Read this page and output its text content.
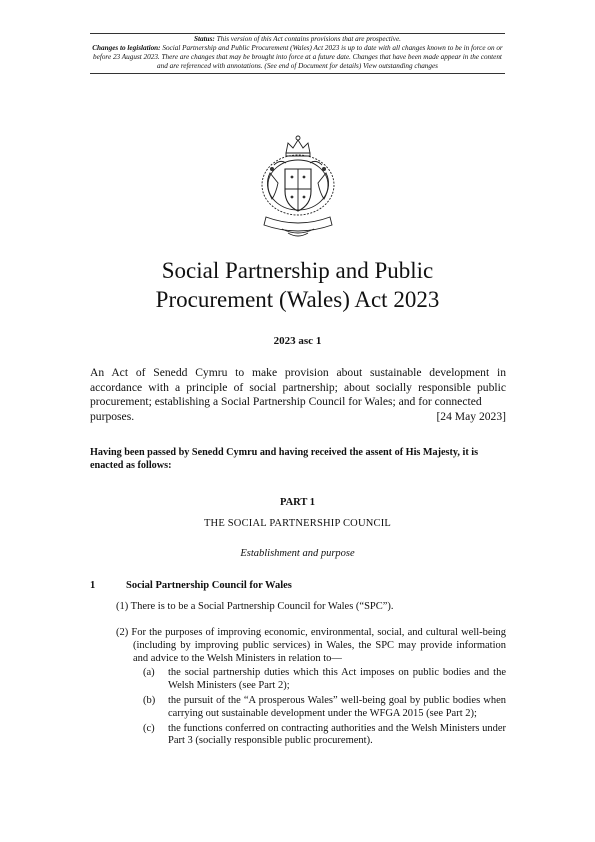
Status: This version of this Act contains provisions that are prospective.
Changes to legislation: Social Partnership and Public Procurement (Wales) Act 2023 is up to date with all changes known to be in force on or before 23 August 2023. There are changes that may be brought into force at a future date. Changes that have been made appear in the content and are referenced with annotations. (See end of Document for details) View outstanding changes
Social Partnership and Public
Procurement (Wales) Act 2023
2023 asc 1
An Act of Senedd Cymru to make provision about sustainable development in accordance with a principle of social partnership; about socially responsible public procurement; establishing a Social Partnership Council for Wales; and for connected
purposes.	[24 May 2023]
Having been passed by Senedd Cymru and having received the assent of His Majesty, it is enacted as follows:
PART 1
THE SOCIAL PARTNERSHIP COUNCIL
Establishment and purpose
1	Social Partnership Council for Wales
(1) There is to be a Social Partnership Council for Wales (“SPC”).
(2) For the purposes of improving economic, environmental, social, and cultural well-being (including by improving public services) in Wales, the SPC may provide information and advice to the Welsh Ministers in relation to—
(a) the social partnership duties which this Act imposes on public bodies and the Welsh Ministers (see Part 2);
(b) the pursuit of the “A prosperous Wales” well-being goal by public bodies when carrying out sustainable development under the WFGA 2015 (see Part 2);
(c) the functions conferred on contracting authorities and the Welsh Ministers under Part 3 (socially responsible public procurement).
